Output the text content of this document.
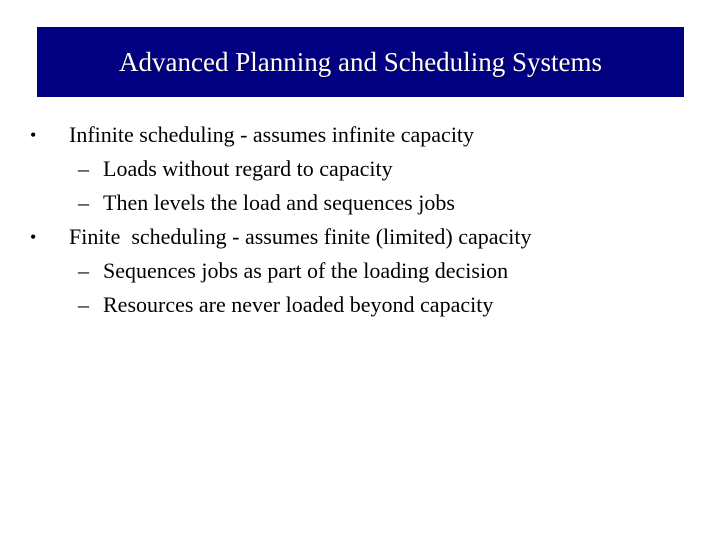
Advanced Planning and Scheduling Systems
• Infinite scheduling - assumes infinite capacity
– Loads without regard to capacity
– Then levels the load and sequences jobs
• Finite  scheduling - assumes finite (limited) capacity
– Sequences jobs as part of the loading decision
– Resources are never loaded beyond capacity
